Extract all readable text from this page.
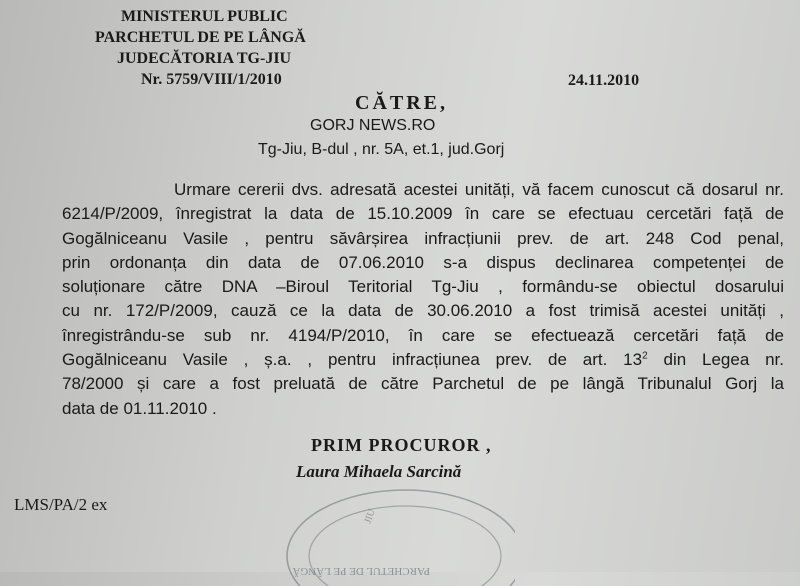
MINISTERUL PUBLIC
PARCHETUL DE PE LÂNGĂ
JUDECĂTORIA TG-JIU
Nr. 5759/VIII/1/2010	24.11.2010
CĂTRE,
GORJ NEWS.RO
Tg-Jiu, B-dul , nr. 5A, et.1, jud.Gorj
Urmare cererii dvs. adresată acestei unități, vă facem cunoscut că dosarul nr.
6214/P/2009, înregistrat la data de 15.10.2009 în care se efectuau cercetări față de
Gogălniceanu Vasile , pentru săvârșirea infracțiunii prev. de art. 248 Cod penal,
prin ordonanța din data de 07.06.2010 s-a dispus declinarea competenței de
soluționare către DNA –Biroul Teritorial Tg-Jiu , formându-se obiectul dosarului
cu nr. 172/P/2009, cauză ce la data de 30.06.2010 a fost trimisă acestei unități ,
înregistrându-se sub nr. 4194/P/2010, în care se efectuează cercetări față de
Gogălniceanu Vasile , ș.a. , pentru infracțiunea prev. de art. $13^2$ din Legea nr.
78/2000 și care a fost preluată de către Parchetul de pe lângă Tribunalul Gorj la
data de 01.11.2010 .
PARCHETUL DE PE LÂNGĂ
JIU
PRIM PROCUROR ,
Laura Mihaela Sarcină
LMS/PA/2 ex
